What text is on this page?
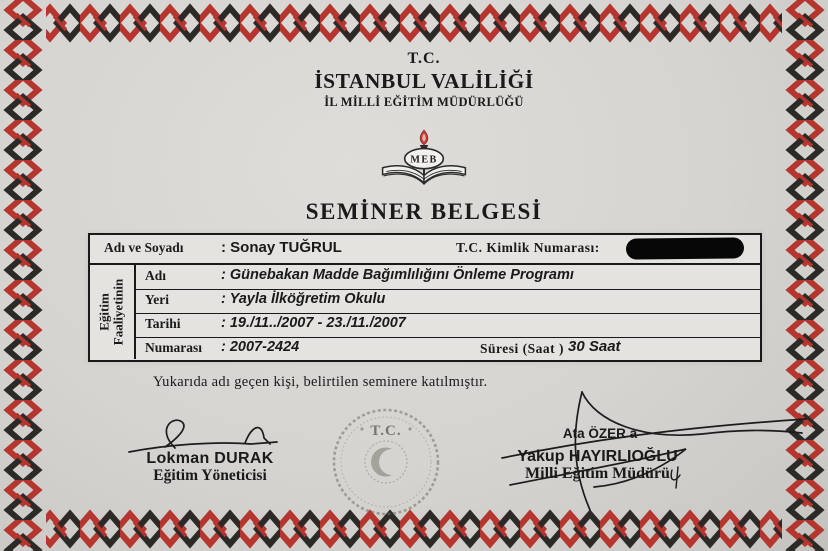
T.C.
İSTANBUL VALİLİĞİ
İL MİLLİ EĞİTİM MÜDÜRLÜĞÜ
MEB
SEMİNER BELGESİ
Adı ve Soyadı : Sonay TUĞRUL	T.C. Kimlik Numarası:
Eğitim Faaliyetinin
Adı	: Günebakan Madde Bağımlılığını Önleme Programı
Yeri	: Yayla İlköğretim Okulu
Tarihi	: 19./11../2007 - 23./11./2007
Numarası : 2007-2424	Süresi (Saat ) 30 Saat
Yukarıda adı geçen kişi, belirtilen seminere katılmıştır.
Lokman DURAK
Eğitim Yöneticisi
T.C.	Ata ÖZER a
Yakup HAYIRLIOĞLU
Milli Eğitim Müdürü
